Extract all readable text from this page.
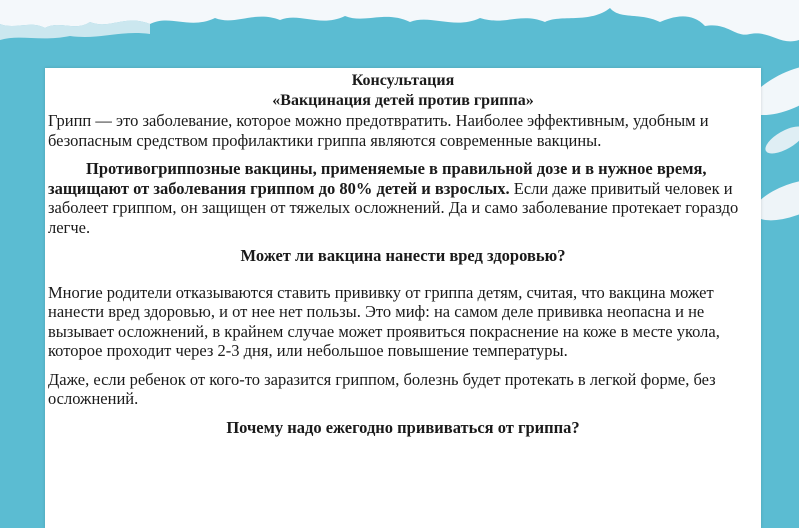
Консультация

«Вакцинация детей против гриппа»

Грипп — это заболевание, которое можно предотвратить. Наиболее эффективным, удобным и безопасным средством профилактики гриппа являются современные вакцины.

Противогриппозные вакцины, применяемые в правильной дозе и в нужное время, защищают от заболевания гриппом до 80% детей и взрослых. Если даже привитый человек и заболеет гриппом, он защищен от тяжелых осложнений. Да и само заболевание протекает гораздо легче.

Может ли вакцина нанести вред здоровью?

Многие родители отказываются ставить прививку от гриппа детям, считая, что вакцина может нанести вред здоровью, и от нее нет пользы. Это миф: на самом деле прививка неопасна и не вызывает осложнений, в крайнем случае может проявиться покраснение на коже в месте укола, которое проходит через 2-3 дня, или небольшое повышение температуры.

Даже, если ребенок от кого-то заразится гриппом, болезнь будет протекать в легкой форме, без осложнений.

Почему надо ежегодно прививаться от гриппа?
